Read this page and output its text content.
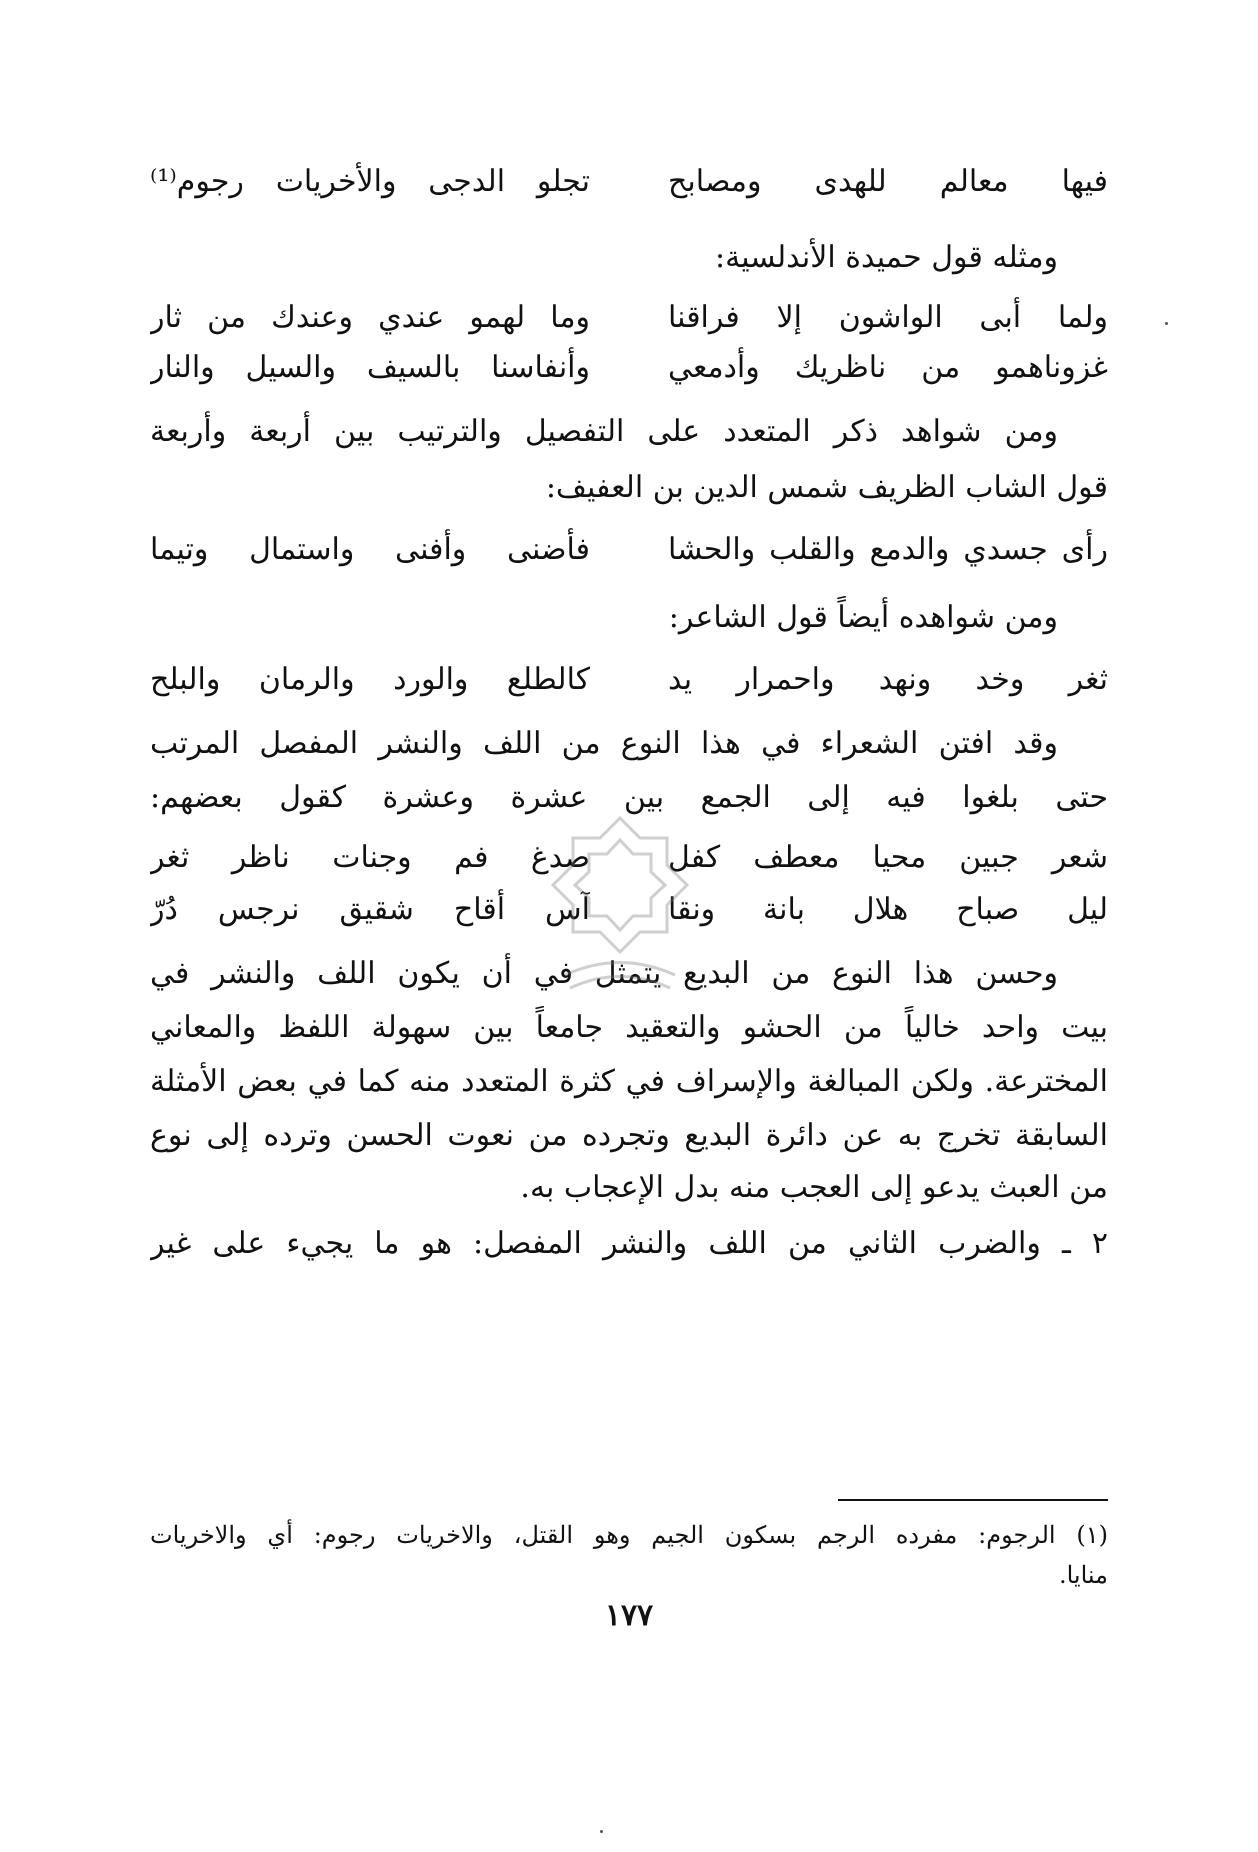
فيها معالم للهدى ومصابح
تجلو الدجى والأخريات رجوم⁽¹⁾
ومثله قول حميدة الأندلسية:
ولما أبى الواشون إلا فراقنا
وما لهمو عندي وعندك من ثار
غزوناهمو من ناظريك وأدمعي
وأنفاسنا بالسيف والسيل والنار
ومن شواهد ذكر المتعدد على التفصيل والترتيب بين أربعة وأربعة
قول الشاب الظريف شمس الدين بن العفيف:
رأى جسدي والدمع والقلب والحشا
فأضنى وأفنى واستمال وتيما
ومن شواهده أيضاً قول الشاعر:
ثغر وخد ونهد واحمرار يد
كالطلع والورد والرمان والبلح
وقد افتن الشعراء في هذا النوع من اللف والنشر المفصل المرتب
حتى بلغوا فيه إلى الجمع بين عشرة وعشرة كقول بعضهم:
شعر جبين محيا معطف كفل
صدغ فم وجنات ناظر ثغر
ليل صباح هلال بانة ونقا
آس أقاح شقيق نرجس دُرّ
وحسن هذا النوع من البديع يتمثل في أن يكون اللف والنشر في
بيت واحد خالياً من الحشو والتعقيد جامعاً بين سهولة اللفظ والمعاني
المخترعة. ولكن المبالغة والإسراف في كثرة المتعدد منه كما في بعض الأمثلة
السابقة تخرج به عن دائرة البديع وتجرده من نعوت الحسن وترده إلى نوع
من العبث يدعو إلى العجب منه بدل الإعجاب به.
٢ ـ والضرب الثاني من اللف والنشر المفصل: هو ما يجيء على غير
(١) الرجوم: مفرده الرجم بسكون الجيم وهو القتل، والاخريات رجوم: أي والاخريات
منايا.
١٧٧
